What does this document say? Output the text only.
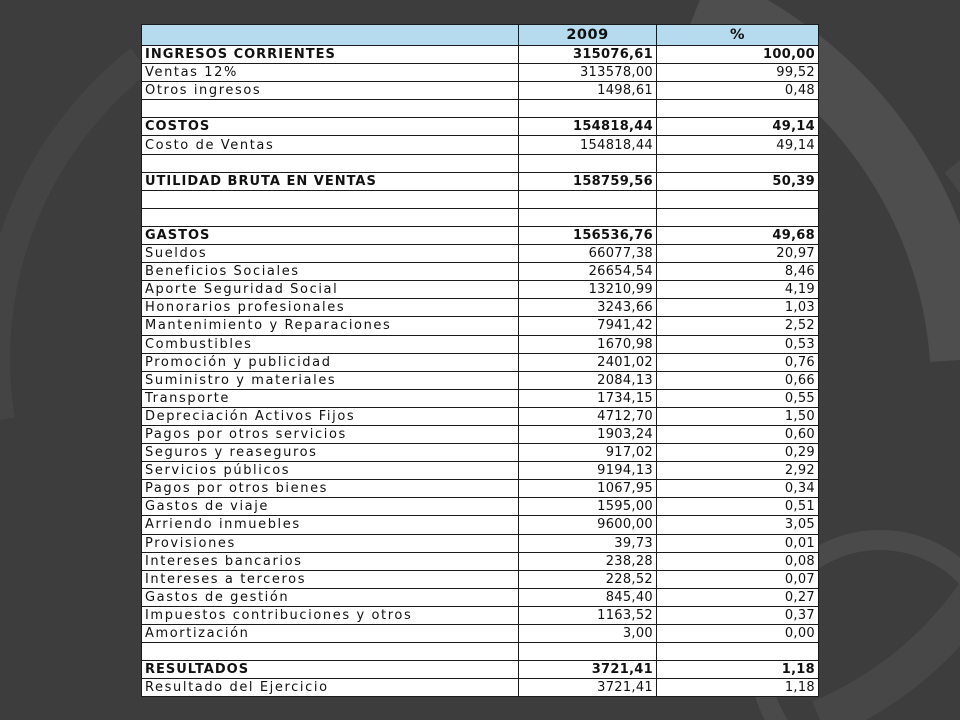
	2009	%
INGRESOS CORRIENTES	315076,61	100,00
Ventas 12%	313578,00	99,52
Otros ingresos	1498,61	0,48

COSTOS	154818,44	49,14
Costo de Ventas	154818,44	49,14

UTILIDAD BRUTA EN VENTAS	158759,56	50,39

GASTOS	156536,76	49,68
Sueldos	66077,38	20,97
Beneficios Sociales	26654,54	8,46
Aporte Seguridad Social	13210,99	4,19
Honorarios profesionales	3243,66	1,03
Mantenimiento y Reparaciones	7941,42	2,52
Combustibles	1670,98	0,53
Promoción y publicidad	2401,02	0,76
Suministro y materiales	2084,13	0,66
Transporte	1734,15	0,55
Depreciación Activos Fijos	4712,70	1,50
Pagos por otros servicios	1903,24	0,60
Seguros y reaseguros	917,02	0,29
Servicios públicos	9194,13	2,92
Pagos por otros bienes	1067,95	0,34
Gastos de viaje	1595,00	0,51
Arriendo inmuebles	9600,00	3,05
Provisiones	39,73	0,01
Intereses bancarios	238,28	0,08
Intereses a terceros	228,52	0,07
Gastos de gestión	845,40	0,27
Impuestos contribuciones y otros	1163,52	0,37
Amortización	3,00	0,00

RESULTADOS	3721,41	1,18
Resultado del Ejercicio	3721,41	1,18
